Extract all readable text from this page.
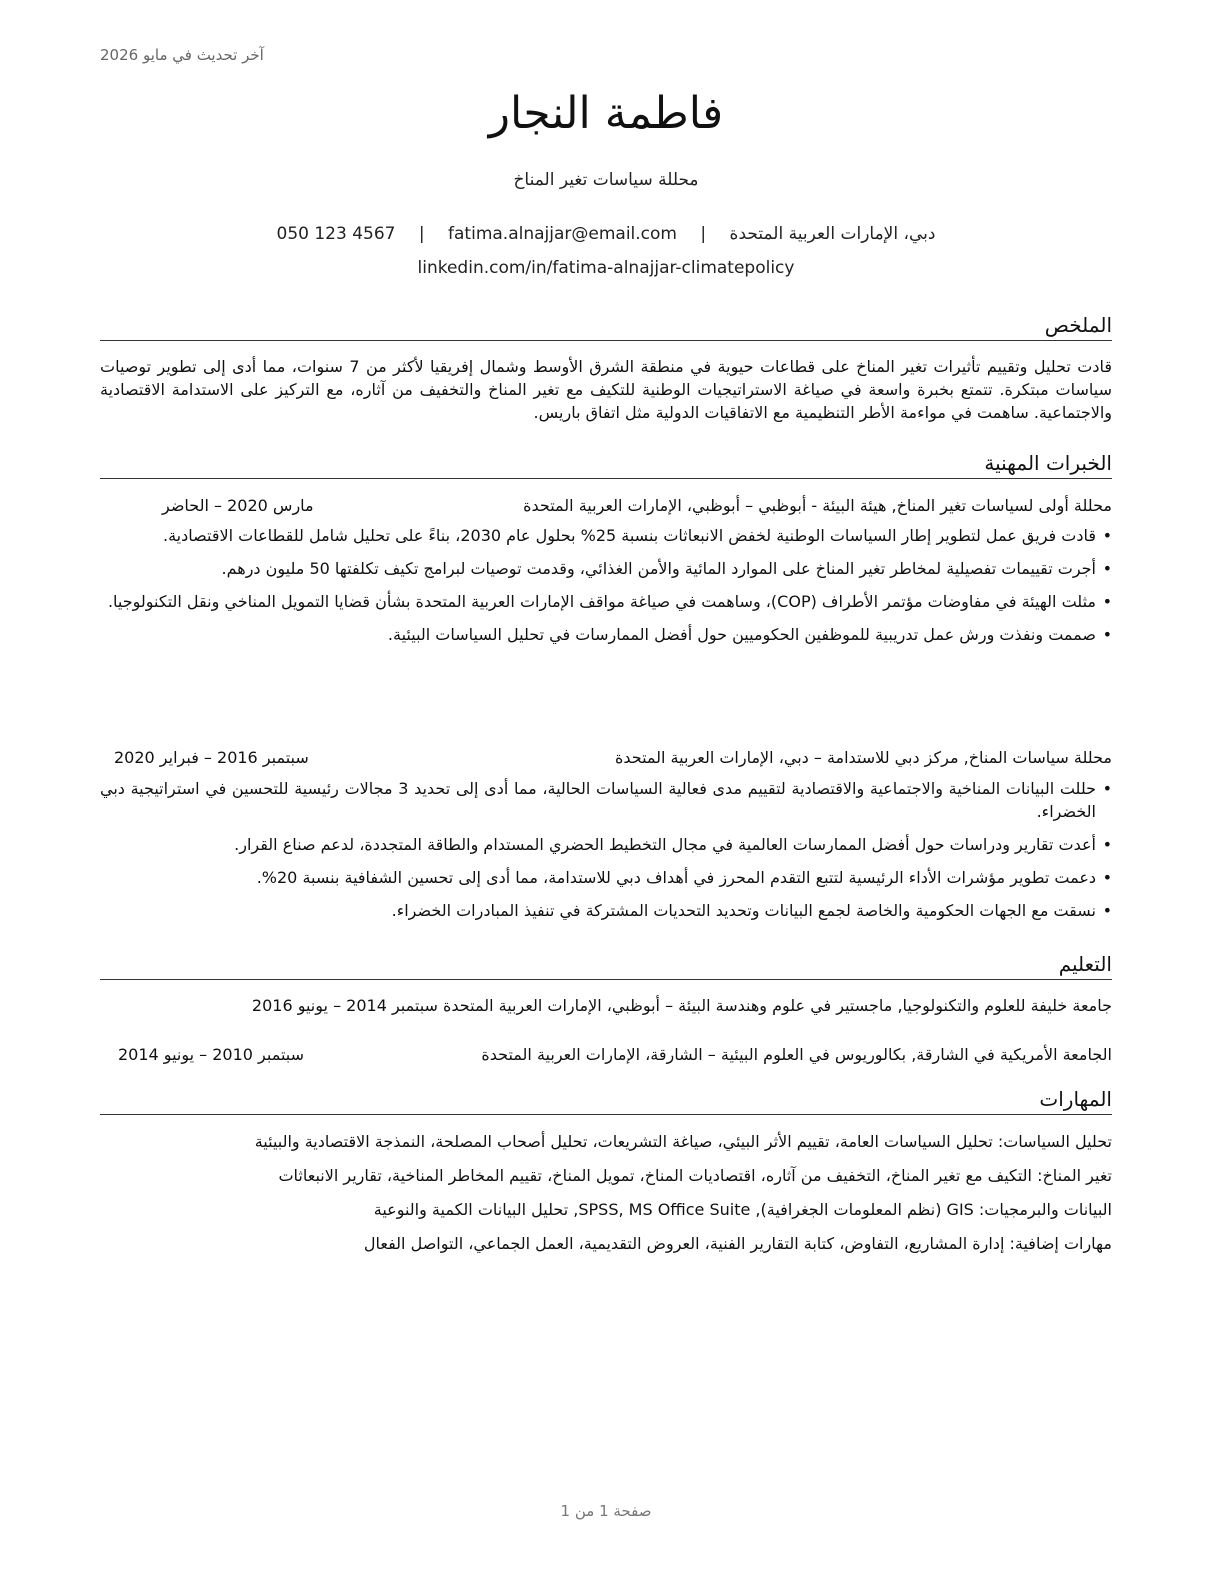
آخر تحديث في مايو 2026
فاطمة النجار
محللة سياسات تغير المناخ
دبي، الإمارات العربية المتحدة | fatima.alnajjar@email.com | 050 123 4567
linkedin.com/in/fatima-alnajjar-climatepolicy
الملخص
قادت تحليل وتقييم تأثيرات تغير المناخ على قطاعات حيوية في منطقة الشرق الأوسط وشمال إفريقيا لأكثر من 7 سنوات، مما أدى إلى تطوير توصيات سياسات مبتكرة. تتمتع بخبرة واسعة في صياغة الاستراتيجيات الوطنية للتكيف مع تغير المناخ والتخفيف من آثاره، مع التركيز على الاستدامة الاقتصادية والاجتماعية. ساهمت في مواءمة الأطر التنظيمية مع الاتفاقيات الدولية مثل اتفاق باريس.
الخبرات المهنية
محللة أولى لسياسات تغير المناخ, هيئة البيئة - أبوظبي – أبوظبي، الإمارات العربية المتحدة
مارس 2020 – الحاضر
• قادت فريق عمل لتطوير إطار السياسات الوطنية لخفض الانبعاثات بنسبة 25% بحلول عام 2030، بناءً على تحليل شامل للقطاعات الاقتصادية.
• أجرت تقييمات تفصيلية لمخاطر تغير المناخ على الموارد المائية والأمن الغذائي، وقدمت توصيات لبرامج تكيف تكلفتها 50 مليون درهم.
• مثلت الهيئة في مفاوضات مؤتمر الأطراف (COP)، وساهمت في صياغة مواقف الإمارات العربية المتحدة بشأن قضايا التمويل المناخي ونقل التكنولوجيا.
• صممت ونفذت ورش عمل تدريبية للموظفين الحكوميين حول أفضل الممارسات في تحليل السياسات البيئية.
محللة سياسات المناخ, مركز دبي للاستدامة – دبي، الإمارات العربية المتحدة
سبتمبر 2016 – فبراير 2020
• حللت البيانات المناخية والاجتماعية والاقتصادية لتقييم مدى فعالية السياسات الحالية، مما أدى إلى تحديد 3 مجالات رئيسية للتحسين في استراتيجية دبي الخضراء.
• أعدت تقارير ودراسات حول أفضل الممارسات العالمية في مجال التخطيط الحضري المستدام والطاقة المتجددة، لدعم صناع القرار.
• دعمت تطوير مؤشرات الأداء الرئيسية لتتبع التقدم المحرز في أهداف دبي للاستدامة، مما أدى إلى تحسين الشفافية بنسبة 20%.
• نسقت مع الجهات الحكومية والخاصة لجمع البيانات وتحديد التحديات المشتركة في تنفيذ المبادرات الخضراء.
التعليم
جامعة خليفة للعلوم والتكنولوجيا, ماجستير في علوم وهندسة البيئة – أبوظبي، الإمارات العربية المتحدة سبتمبر 2014 – يونيو 2016
الجامعة الأمريكية في الشارقة, بكالوريوس في العلوم البيئية – الشارقة، الإمارات العربية المتحدة
سبتمبر 2010 – يونيو 2014
المهارات
تحليل السياسات: تحليل السياسات العامة، تقييم الأثر البيئي، صياغة التشريعات، تحليل أصحاب المصلحة، النمذجة الاقتصادية والبيئية
تغير المناخ: التكيف مع تغير المناخ، التخفيف من آثاره، اقتصاديات المناخ، تمويل المناخ، تقييم المخاطر المناخية، تقارير الانبعاثات
البيانات والبرمجيات: GIS (نظم المعلومات الجغرافية), SPSS, MS Office Suite, تحليل البيانات الكمية والنوعية
مهارات إضافية: إدارة المشاريع، التفاوض، كتابة التقارير الفنية، العروض التقديمية، العمل الجماعي، التواصل الفعال
صفحة 1 من 1
